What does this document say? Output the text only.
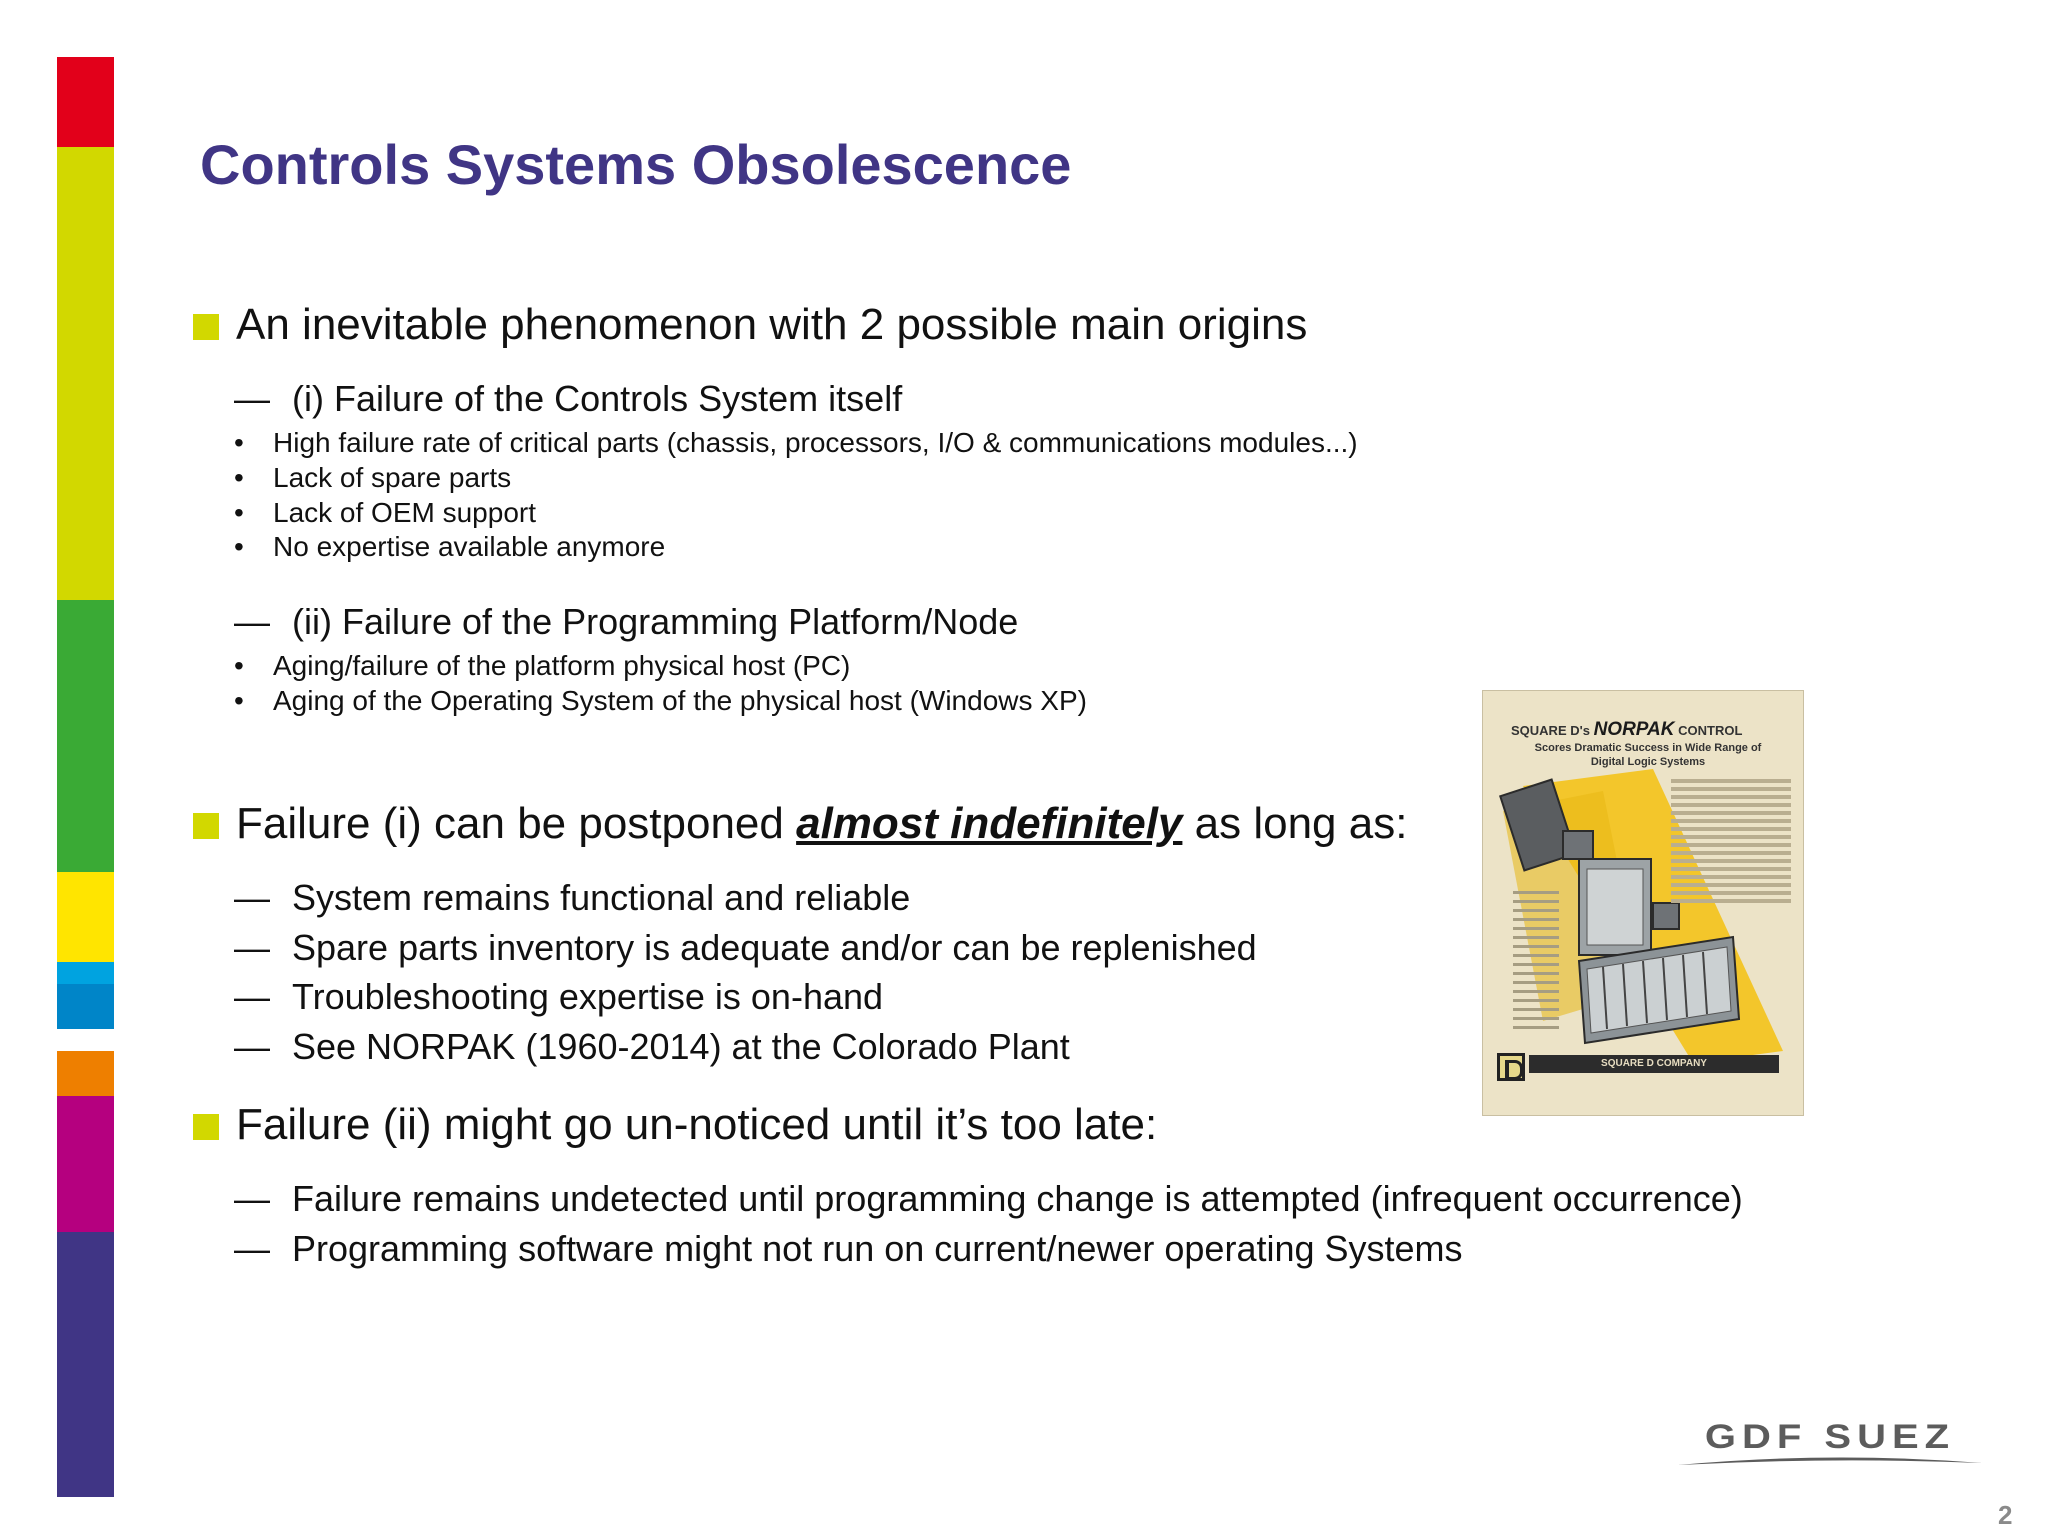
Controls Systems Obsolescence
An inevitable phenomenon with 2 possible main origins
— (i) Failure of the Controls System itself
• High failure rate of critical parts (chassis, processors, I/O & communications modules...)
• Lack of spare parts
• Lack of OEM support
• No expertise available anymore
— (ii) Failure of the Programming Platform/Node
• Aging/failure of the platform physical host (PC)
• Aging of the Operating System of the physical host (Windows XP)
Failure (i) can be postponed almost indefinitely as long as:
— System remains functional and reliable
— Spare parts inventory is adequate and/or can be replenished
— Troubleshooting expertise is on-hand
— See NORPAK (1960-2014) at the Colorado Plant
Failure (ii) might go un-noticed until it’s too late:
— Failure remains undetected until programming change is attempted (infrequent occurrence)
— Programming software might not run on current/newer operating Systems
SQUARE D's NORPAK CONTROL
Scores Dramatic Success in Wide Range of Digital Logic Systems
SQUARE D COMPANY
GDF SUEZ
2
